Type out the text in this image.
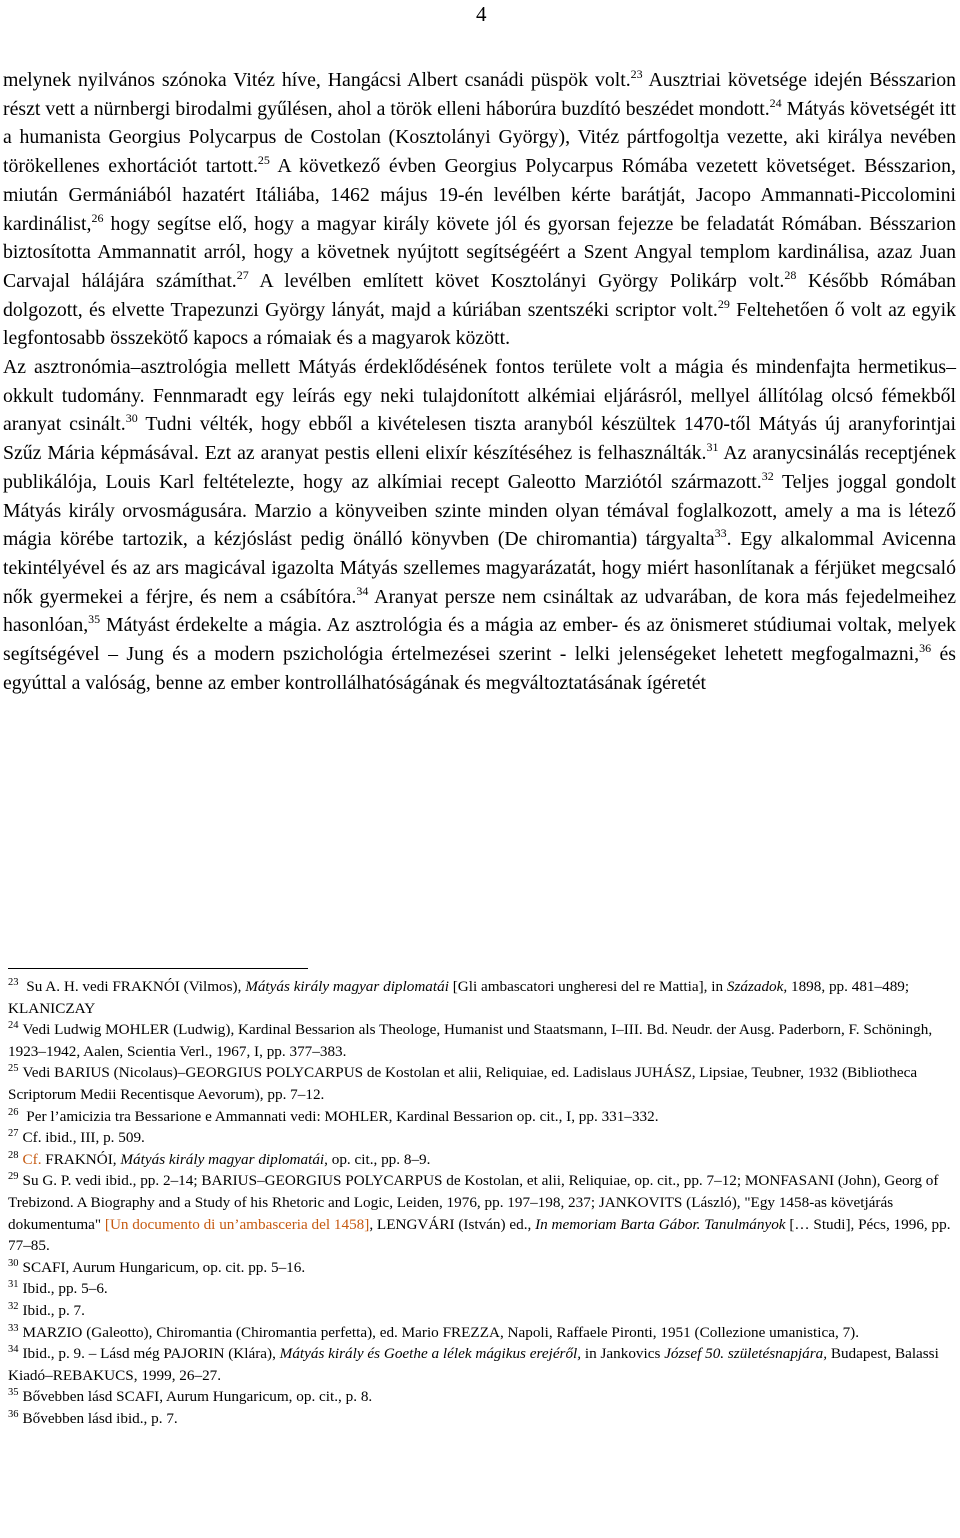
4

melynek nyilvános szónoka Vitéz híve, Hangácsi Albert csanádi püspök volt.$^{23}$ Ausztriai követsége idején Bésszarion részt vett a nürnbergi birodalmi gyűlésen, ahol a török elleni háborúra buzdító beszédet mondott.$^{24}$ Mátyás követségét itt a humanista Georgius Polycarpus de Costolan (Kosztolányi György), Vitéz pártfogoltja vezette, aki királya nevében törökellenes exhortációt tartott.$^{25}$ A következő évben Georgius Polycarpus Rómába vezetett követséget. Bésszarion, miután Germániából hazatért Itáliába, 1462 május 19-én levélben kérte barátját, Jacopo Ammannati-Piccolomini kardinálist,$^{26}$ hogy segítse elő, hogy a magyar király követe jól és gyorsan fejezze be feladatát Rómában. Bésszarion biztosította Ammannatit arról, hogy a követnek nyújtott segítségéért a Szent Angyal templom kardinálisa, azaz Juan Carvajal hálájára számíthat.$^{27}$ A levélben említett követ Kosztolányi György Polikárp volt.$^{28}$ Később Rómában dolgozott, és elvette Trapezunzi György lányát, majd a kúriában szentszéki scriptor volt.$^{29}$ Feltehetően ő volt az egyik legfontosabb összekötő kapocs a rómaiak és a magyarok között.

Az asztronómia–asztrológia mellett Mátyás érdeklődésének fontos területe volt a mágia és mindenfajta hermetikus–okkult tudomány. Fennmaradt egy leírás egy neki tulajdonított alkémiai eljárásról, mellyel állítólag olcsó fémekből aranyat csinált.$^{30}$ Tudni vélték, hogy ebből a kivételesen tiszta aranyból készültek 1470-től Mátyás új aranyforintjai Szűz Mária képmásával. Ezt az aranyat pestis elleni elixír készítéséhez is felhasználták.$^{31}$ Az aranycsinálás receptjének publikálója, Louis Karl feltételezte, hogy az alkímiai recept Galeotto Marziótól származott.$^{32}$ Teljes joggal gondolt Mátyás király orvosmágusára. Marzio a könyveiben szinte minden olyan témával foglalkozott, amely a ma is létező mágia körébe tartozik, a kézjóslást pedig önálló könyvben (De chiromantia) tárgyalta$^{33}$. Egy alkalommal Avicenna tekintélyével és az ars magicával igazolta Mátyás szellemes magyarázatát, hogy miért hasonlítanak a férjüket megcsaló nők gyermekei a férjre, és nem a csábítóra.$^{34}$ Aranyat persze nem csináltak az udvarában, de kora más fejedelmeihez hasonlóan,$^{35}$ Mátyást érdekelte a mágia. Az asztrológia és a mágia az ember- és az önismeret stúdiumai voltak, melyek segítségével – Jung és a modern pszichológia értelmezései szerint - lelki jelenségeket lehetett megfogalmazni,$^{36}$ és egyúttal a valóság, benne az ember kontrollálhatóságának és megváltoztatásának ígéretét

$^{23}$ Su A. H. vedi FRAKNÓI (Vilmos), Mátyás király magyar diplomatái [Gli ambascatori ungheresi del re Mattia], in Századok, 1898, pp. 481–489; KLANICZAY
$^{24}$ Vedi Ludwig MOHLER (Ludwig), Kardinal Bessarion als Theologe, Humanist und Staatsmann, I–III. Bd. Neudr. der Ausg. Paderborn, F. Schöningh, 1923–1942, Aalen, Scientia Verl., 1967, I, pp. 377–383.
$^{25}$ Vedi BARIUS (Nicolaus)–GEORGIUS POLYCARPUS de Kostolan et alii, Reliquiae, ed. Ladislaus JUHÁSZ, Lipsiae, Teubner, 1932 (Bibliotheca Scriptorum Medii Recentisque Aevorum), pp. 7–12.
$^{26}$ Per l’amicizia tra Bessarione e Ammannati vedi: MOHLER, Kardinal Bessarion op. cit., I, pp. 331–332.
$^{27}$ Cf. ibid., III, p. 509.
$^{28}$ Cf. FRAKNÓI, Mátyás király magyar diplomatái, op. cit., pp. 8–9.
$^{29}$ Su G. P. vedi ibid., pp. 2–14; BARIUS–GEORGIUS POLYCARPUS de Kostolan, et alii, Reliquiae, op. cit., pp. 7–12; MONFASANI (John), Georg of Trebizond. A Biography and a Study of his Rhetoric and Logic, Leiden, 1976, pp. 197–198, 237; JANKOVITS (László), "Egy 1458-as követjárás dokumentuma" [Un documento di un’ambasceria del 1458], LENGVÁRI (István) ed., In memoriam Barta Gábor. Tanulmányok [… Studi], Pécs, 1996, pp. 77–85.
$^{30}$ SCAFI, Aurum Hungaricum, op. cit. pp. 5–16.
$^{31}$ Ibid., pp. 5–6.
$^{32}$ Ibid., p. 7.
$^{33}$ MARZIO (Galeotto), Chiromantia (Chiromantia perfetta), ed. Mario FREZZA, Napoli, Raffaele Pironti, 1951 (Collezione umanistica, 7).
$^{34}$ Ibid., p. 9. – Lásd még PAJORIN (Klára), Mátyás király és Goethe a lélek mágikus erejéről, in Jankovics József 50. születésnapjára, Budapest, Balassi Kiadó–REBAKUCS, 1999, 26–27.
$^{35}$ Bővebben lásd SCAFI, Aurum Hungaricum, op. cit., p. 8.
$^{36}$ Bővebben lásd ibid., p. 7.
